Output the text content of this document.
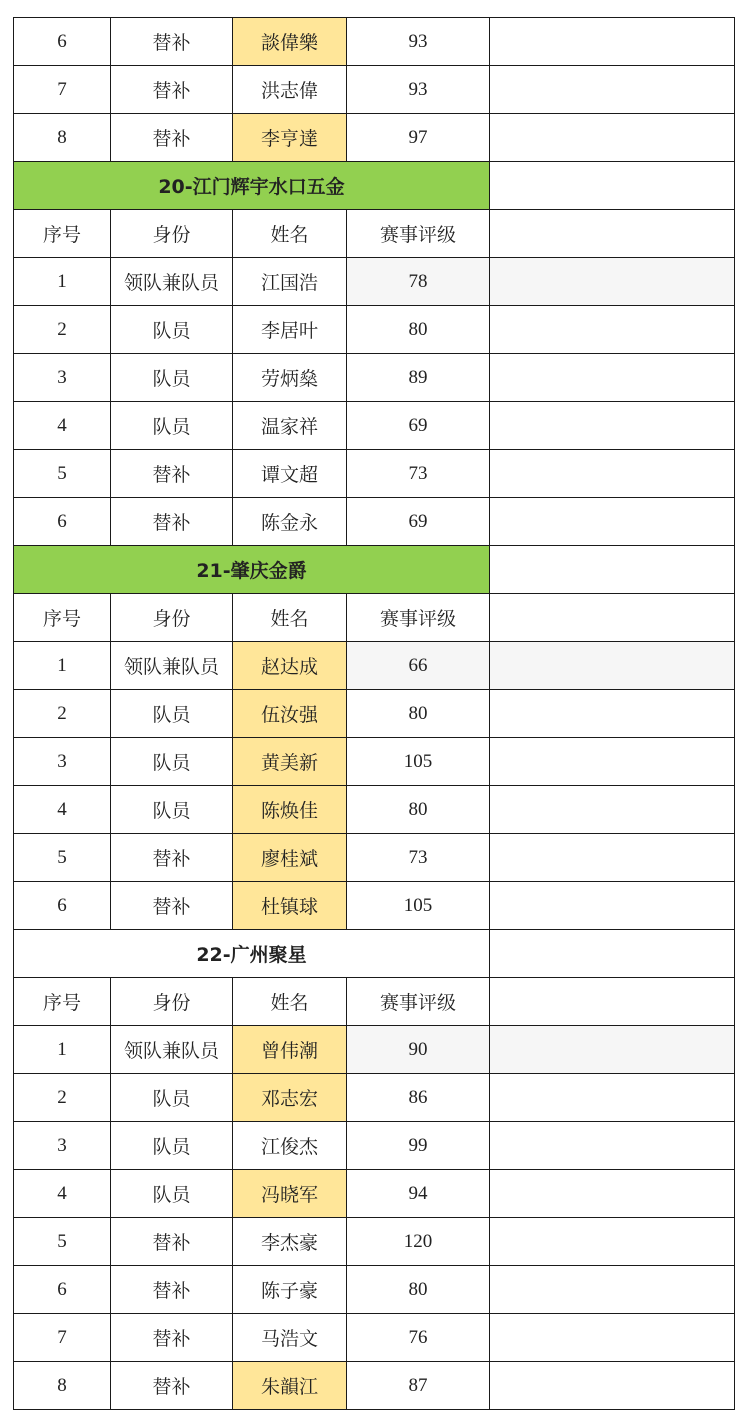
6	替补	談偉樂	93	
7	替补	洪志偉	93	
8	替补	李亨達	97	
20-江门辉宇水口五金				
序号	身份	姓名	赛事评级	
1	领队兼队员	江国浩	78	
2	队员	李居叶	80	
3	队员	劳炳燊	89	
4	队员	温家祥	69	
5	替补	谭文超	73	
6	替补	陈金永	69	
21-肇庆金爵				
序号	身份	姓名	赛事评级	
1	领队兼队员	赵达成	66	
2	队员	伍汝强	80	
3	队员	黄美新	105	
4	队员	陈焕佳	80	
5	替补	廖桂斌	73	
6	替补	杜镇球	105	
22-广州聚星				
序号	身份	姓名	赛事评级	
1	领队兼队员	曾伟潮	90	
2	队员	邓志宏	86	
3	队员	江俊杰	99	
4	队员	冯晓军	94	
5	替补	李杰豪	120	
6	替补	陈子豪	80	
7	替补	马浩文	76	
8	替补	朱韻江	87	
